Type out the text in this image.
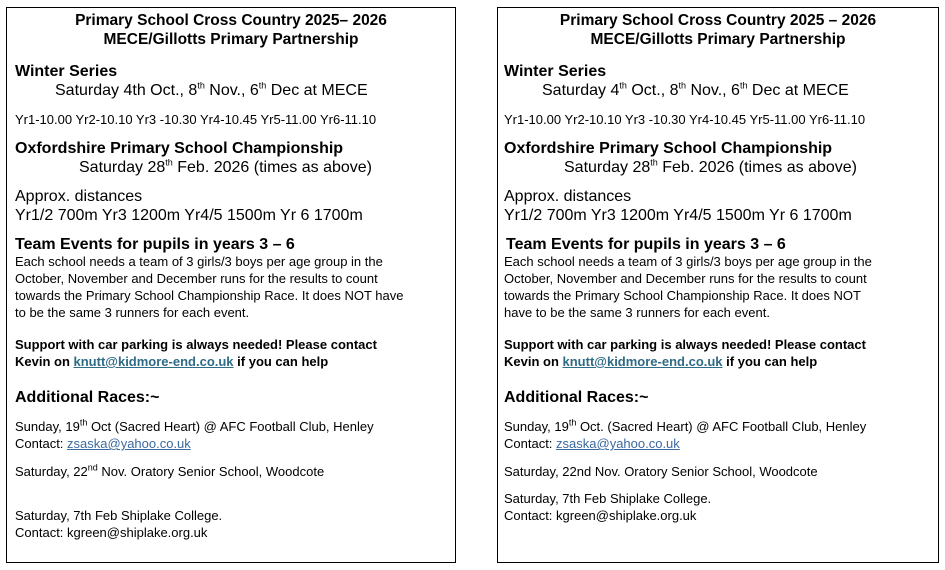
Primary School Cross Country 2025– 2026
MECE/Gillotts Primary Partnership
Winter Series
Saturday 4th Oct., 8th Nov., 6th Dec at MECE
Yr1-10.00 Yr2-10.10 Yr3 -10.30 Yr4-10.45 Yr5-11.00 Yr6-11.10
Oxfordshire Primary School Championship
Saturday 28th Feb. 2026 (times as above)
Approx. distances
Yr1/2 700m Yr3 1200m Yr4/5 1500m Yr 6 1700m
Team Events for pupils in years 3 – 6
Each school needs a team of 3 girls/3 boys per age group in the
October, November and December runs for the results to count
towards the Primary School Championship Race. It does NOT have
to be the same 3 runners for each event.
Support with car parking is always needed! Please contact
Kevin on knutt@kidmore-end.co.uk if you can help
Additional Races:~
Sunday, 19th Oct (Sacred Heart) @ AFC Football Club, Henley
Contact: zsaska@yahoo.co.uk
Saturday, 22nd Nov. Oratory Senior School, Woodcote
Saturday, 7th Feb Shiplake College.
Contact: kgreen@shiplake.org.uk
Primary School Cross Country 2025 – 2026
MECE/Gillotts Primary Partnership
Winter Series
Saturday 4th Oct., 8th Nov., 6th Dec at MECE
Yr1-10.00 Yr2-10.10 Yr3 -10.30 Yr4-10.45 Yr5-11.00 Yr6-11.10
Oxfordshire Primary School Championship
Saturday 28th Feb. 2026 (times as above)
Approx. distances
Yr1/2 700m Yr3 1200m Yr4/5 1500m Yr 6 1700m
Team Events for pupils in years 3 – 6
Each school needs a team of 3 girls/3 boys per age group in the
October, November and December runs for the results to count
towards the Primary School Championship Race. It does NOT
have to be the same 3 runners for each event.
Support with car parking is always needed! Please contact
Kevin on knutt@kidmore-end.co.uk if you can help
Additional Races:~
Sunday, 19th Oct. (Sacred Heart) @ AFC Football Club, Henley
Contact: zsaska@yahoo.co.uk
Saturday, 22nd Nov. Oratory Senior School, Woodcote
Saturday, 7th Feb Shiplake College.
Contact: kgreen@shiplake.org.uk
